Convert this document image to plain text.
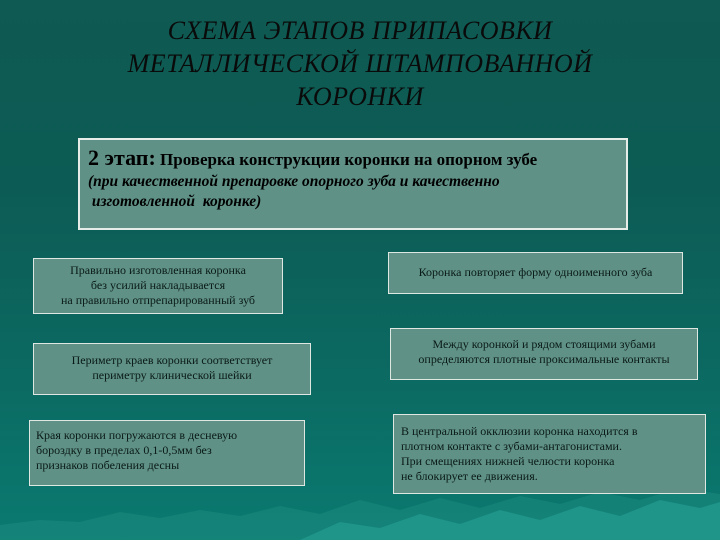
СХЕМА ЭТАПОВ ПРИПАСОВКИ
МЕТАЛЛИЧЕСКОЙ ШТАМПОВАННОЙ
КОРОНКИ
2 этап: Проверка конструкции коронки на опорном зубе
(при качественной препаровке опорного зуба и качественно
изготовленной  коронке)
Правильно изготовленная коронка
без усилий накладывается
на правильно отпрепарированный зуб
Периметр краев коронки соответствует
периметру клинической шейки
Края коронки погружаются в десневую
бороздку в пределах 0,1-0,5мм без
признаков побеления десны
Коронка повторяет форму одноименного зуба
Между коронкой и рядом стоящими зубами
определяются плотные проксимальные контакты
В центральной окклюзии коронка находится в
плотном контакте с зубами-антагонистами.
При смещениях нижней челюсти коронка
не блокирует ее движения.
